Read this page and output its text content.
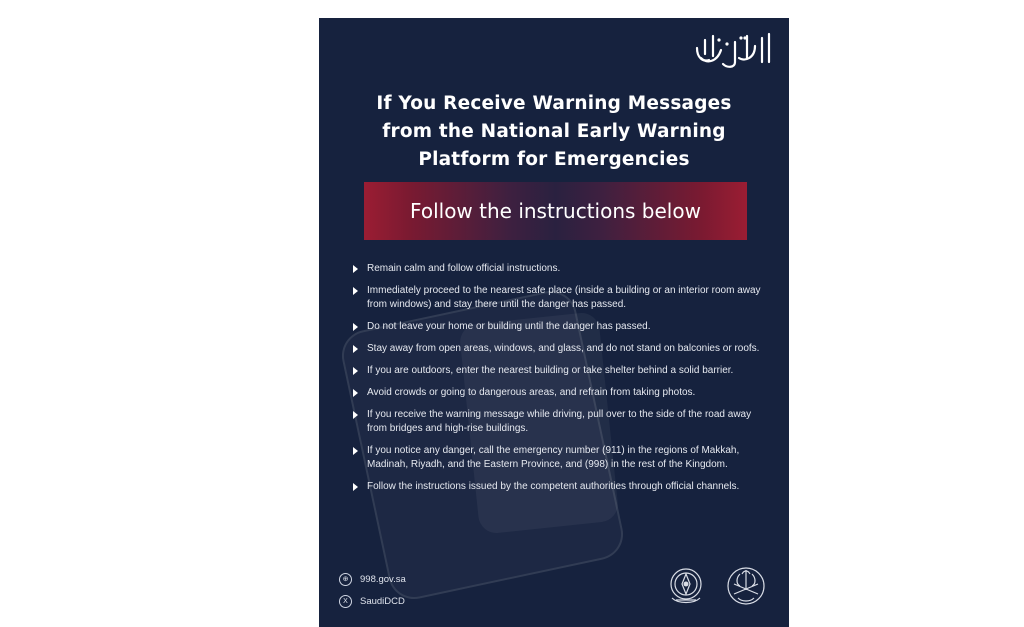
If You Receive Warning Messages
from the National Early Warning
Platform for Emergencies
Follow the instructions below
Remain calm and follow official instructions.
Immediately proceed to the nearest safe place (inside a building or an interior room away from windows) and stay there until the danger has passed.
Do not leave your home or building until the danger has passed.
Stay away from open areas, windows, and glass, and do not stand on balconies or roofs.
If you are outdoors, enter the nearest building or take shelter behind a solid barrier.
Avoid crowds or going to dangerous areas, and refrain from taking photos.
If you receive the warning message while driving, pull over to the side of the road away from bridges and high-rise buildings.
If you notice any danger, call the emergency number (911) in the regions of Makkah, Madinah, Riyadh, and the Eastern Province, and (998) in the rest of the Kingdom.
Follow the instructions issued by the competent authorities through official channels.
⊕	998.gov.sa
X	SaudiDCD
